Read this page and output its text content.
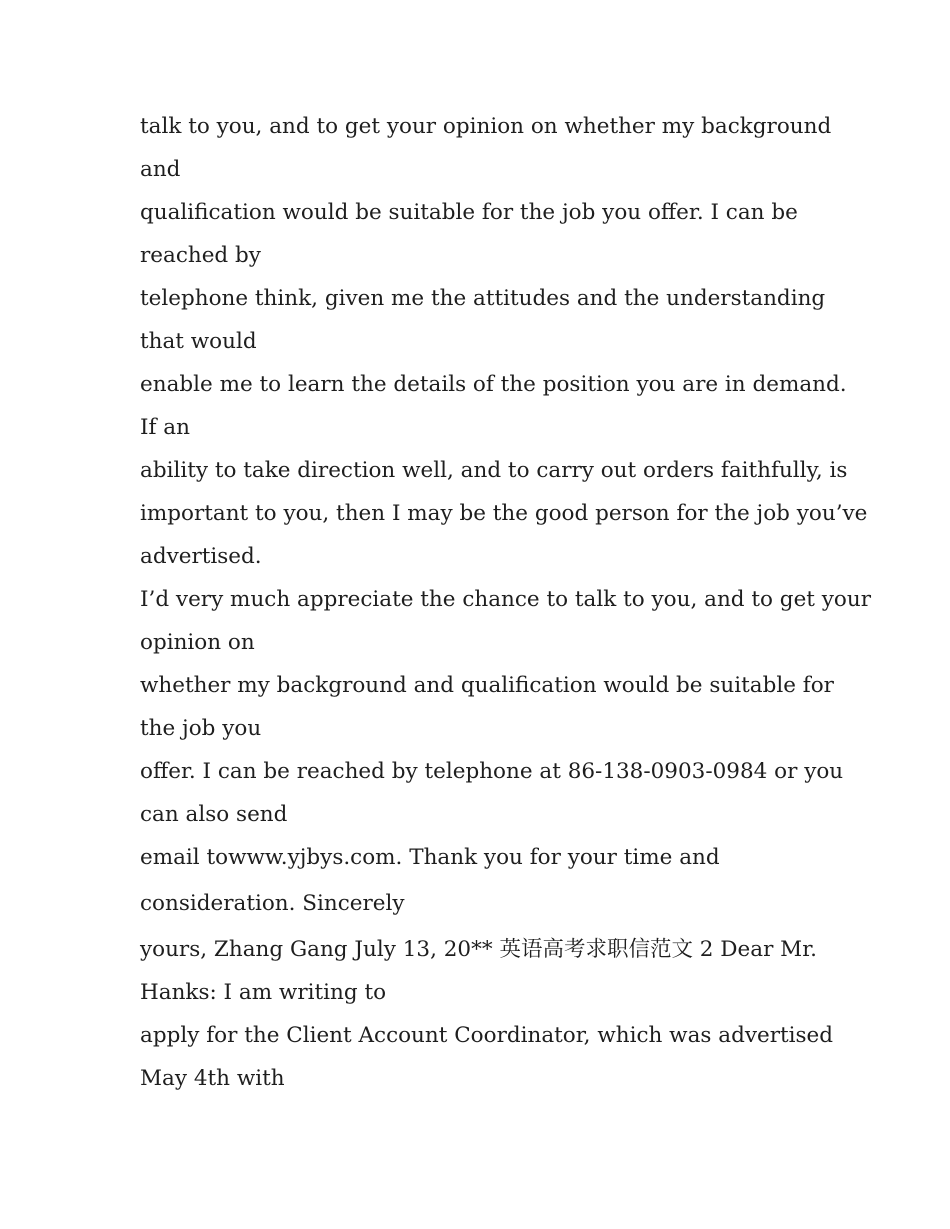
talk to you, and to get your opinion on whether my background
and
qualification would be suitable for the job you offer. I can be
reached by
telephone think, given me the attitudes and the understanding
that would
enable me to learn the details of the position you are in demand.
If an
ability to take direction well, and to carry out orders faithfully, is
important to you, then I may be the good person for the job you’ve
advertised.
I’d very much appreciate the chance to talk to you, and to get your
opinion on
whether my background and qualification would be suitable for
the job you
offer. I can be reached by telephone at 86-138-0903-0984 or you
can also send
email towww.yjbys.com. Thank you for your time and
consideration. Sincerely
yours, Zhang Gang July 13, 20** 英语高考求职信范文 2 Dear Mr.
Hanks: I am writing to
apply for the Client Account Coordinator, which was advertised
May 4th with
